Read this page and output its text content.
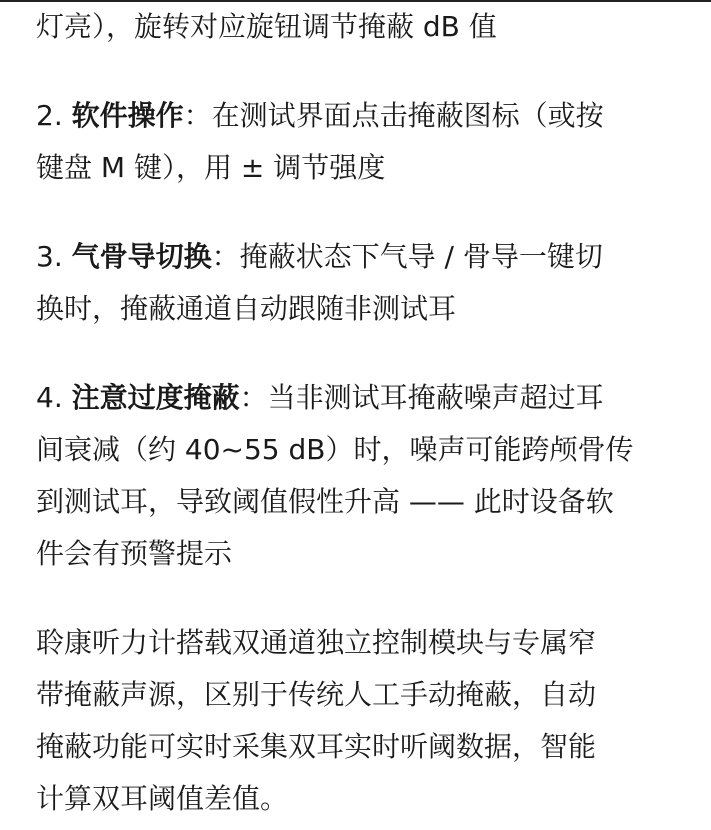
灯亮），旋转对应旋钮调节掩蔽 dB 值

2. 软件操作：在测试界面点击掩蔽图标（或按

键盘 M 键），用 ± 调节强度

3. 气骨导切换：掩蔽状态下气导 / 骨导一键切

换时，掩蔽通道自动跟随非测试耳

4. 注意过度掩蔽：当非测试耳掩蔽噪声超过耳

间衰减（约 40~55 dB）时，噪声可能跨颅骨传

到测试耳，导致阈值假性升高 —— 此时设备软

件会有预警提示

聆康听力计搭载双通道独立控制模块与专属窄

带掩蔽声源，区别于传统人工手动掩蔽，自动

掩蔽功能可实时采集双耳实时听阈数据，智能

计算双耳阈值差值。
